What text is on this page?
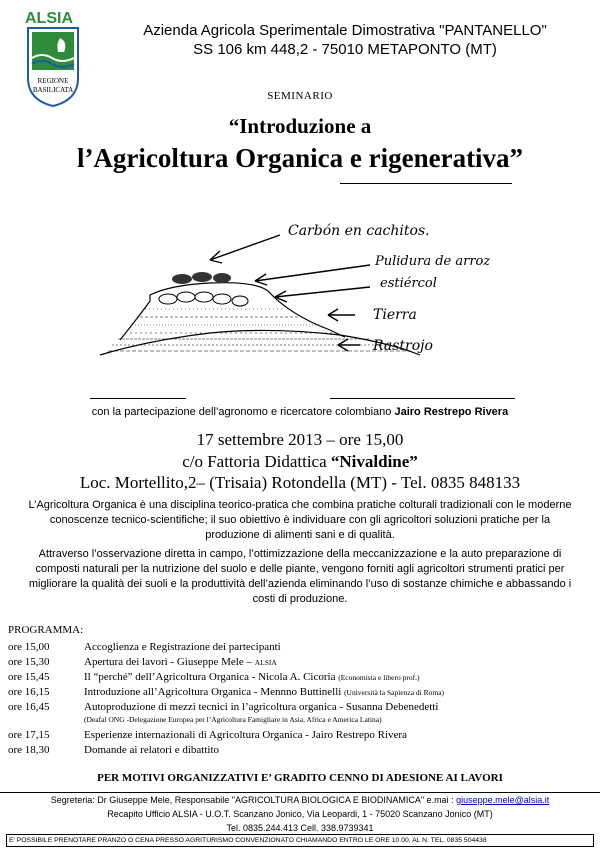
ALSIA
REGIONE
BASILICATA
Azienda Agricola Sperimentale Dimostrativa "PANTANELLO"
SS 106 km 448,2 - 75010 METAPONTO (MT)
SEMINARIO
“Introduzione a
l’Agricoltura Organica e rigenerativa”
Carbón en cachitos.
Pulidura de arroz
estiércol
Tierra
Rastrojo
con la partecipazione dell’agronomo e ricercatore colombiano Jairo Restrepo Rivera
17 settembre 2013 – ore 15,00
c/o Fattoria Didattica “Nivaldine”
Loc. Mortellito,2– (Trisaia) Rotondella (MT) - Tel. 0835 848133
L’Agricoltura Organica è una disciplina teorico-pratica che combina pratiche colturali tradizionali con le moderne conoscenze tecnico-scientifiche; il suo obiettivo è individuare con gli agricoltori soluzioni pratiche per la produzione di alimenti sani e di qualità.
Attraverso l’osservazione diretta in campo, l’ottimizzazione della meccanizzazione e la auto preparazione di composti naturali per la nutrizione del suolo e delle piante, vengono forniti agli agricoltori strumenti pratici per migliorare la qualità dei suoli e la produttività dell’azienda eliminando l’uso di sostanze chimiche e abbassando i costi di produzione.
PROGRAMMA:
ore 15,00	Accoglienza e Registrazione dei partecipanti
ore 15,30	Apertura dei lavori - Giuseppe Mele – ALSIA
ore 15,45	Il “perché” dell’Agricoltura Organica - Nicola A. Cicoria (Economista e libero prof.)
ore 16,15	Introduzione all’Agricoltura Organica - Mennno Buttinelli (Università la Sapienza di Roma)
ore 16,45	Autoproduzione di mezzi tecnici in l’agricoltura organica - Susanna Debenedetti
(Deafal ONG -Delegazione Europea per l’Agricoltura Famigliare in Asia, Africa e America Latina)
ore 17,15	Esperienze internazionali di Agricoltura Organica - Jairo Restrepo Rivera
ore 18,30	Domande ai relatori e dibattito
PER MOTIVI ORGANIZZATIVI E’ GRADITO CENNO DI ADESIONE AI LAVORI
Segreteria: Dr Giuseppe Mele, Responsabile "AGRICOLTURA BIOLOGICA E BIODINAMICA" e.mai : giuseppe.mele@alsia.it
Recapito Ufficio ALSIA - U.O.T. Scanzano Jonico, Via Leopardi, 1 - 75020 Scanzano Jonico (MT)
Tel. 0835.244.413 Cell. 338.9739341
E' POSSIBILE PRENOTARE PRANZO O CENA PRESSO AGRITURISMO CONVENZIONATO CHIAMANDO ENTRO LE ORE 10.00, AL N. TEL. 0835 504438
